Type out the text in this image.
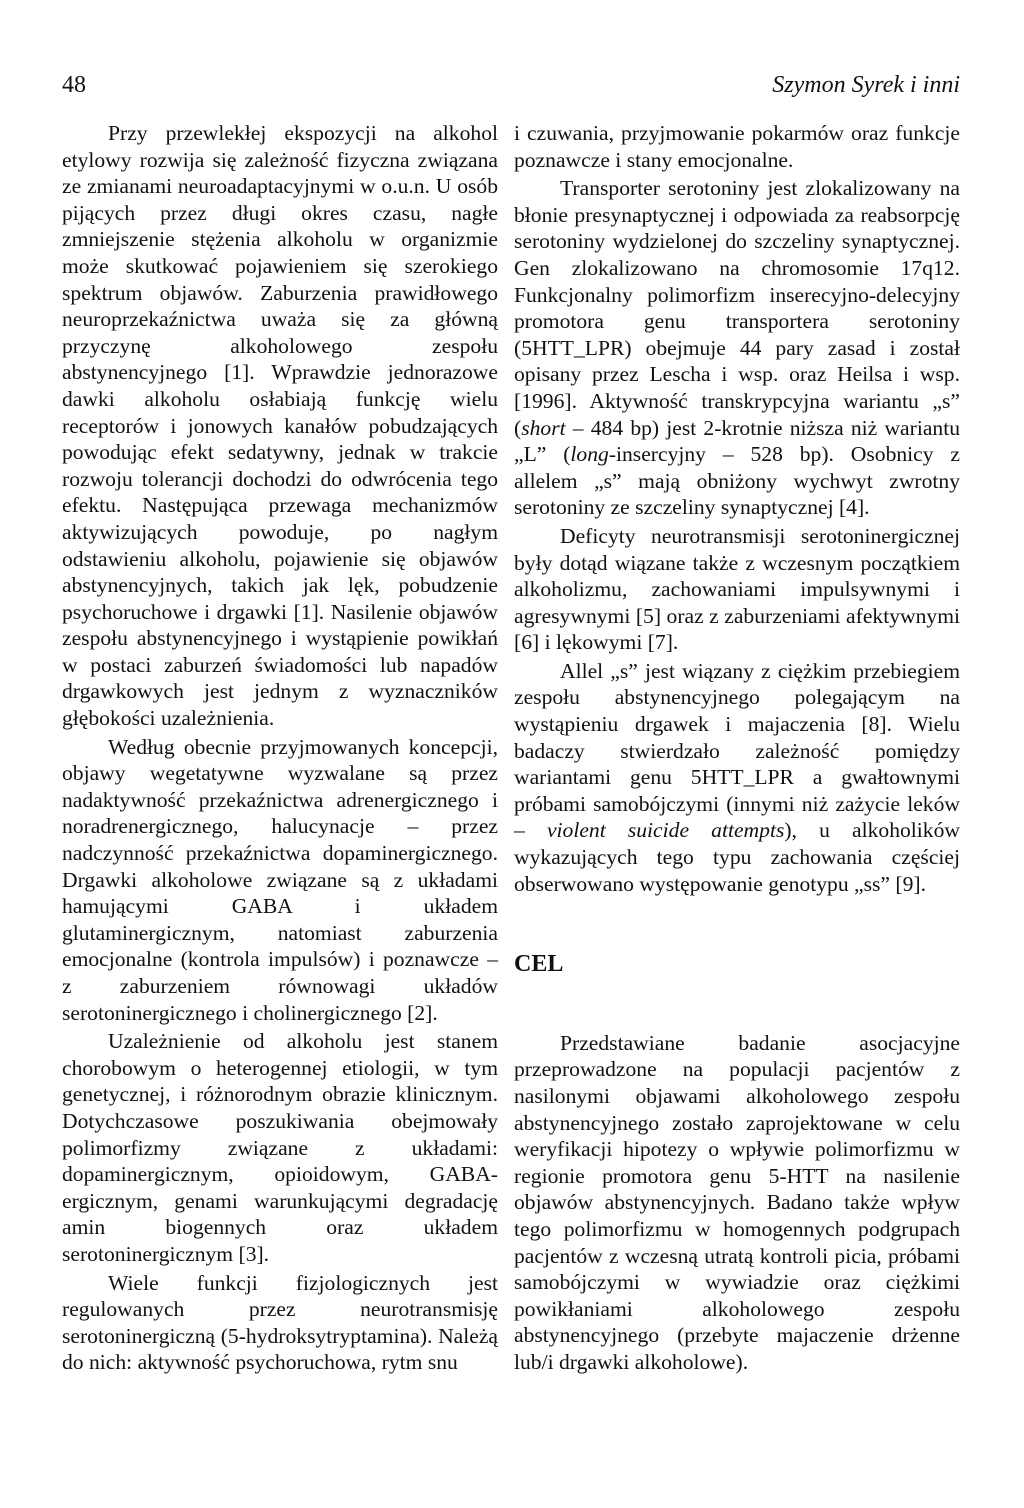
48	Szymon Syrek i inni

Przy przewlekłej ekspozycji na alkohol etylowy rozwija się zależność fizyczna związana ze zmianami neuroadaptacyjnymi w o.u.n. U osób pijących przez długi okres czasu, nagłe zmniejszenie stężenia alkoholu w organizmie może skutkować pojawieniem się szerokiego spektrum objawów. Zaburzenia prawidłowego neuroprzekaźnictwa uważa się za główną przyczynę alkoholowego zespołu abstynencyjnego [1]. Wprawdzie jednorazowe dawki alkoholu osłabiają funkcję wielu receptorów i jonowych kanałów pobudzających powodując efekt sedatywny, jednak w trakcie rozwoju tolerancji dochodzi do odwrócenia tego efektu. Następująca przewaga mechanizmów aktywizujących powoduje, po nagłym odstawieniu alkoholu, pojawienie się objawów abstynencyjnych, takich jak lęk, pobudzenie psychoruchowe i drgawki [1]. Nasilenie objawów zespołu abstynencyjnego i wystąpienie powikłań w postaci zaburzeń świadomości lub napadów drgawkowych jest jednym z wyznaczników głębokości uzależnienia.

Według obecnie przyjmowanych koncepcji, objawy wegetatywne wyzwalane są przez nadaktywność przekaźnictwa adrenergicznego i noradrenergicznego, halucynacje – przez nadczynność przekaźnictwa dopaminergicznego. Drgawki alkoholowe związane są z układami hamującymi GABA i układem glutaminergicznym, natomiast zaburzenia emocjonalne (kontrola impulsów) i poznawcze – z zaburzeniem równowagi układów serotoninergicznego i cholinergicznego [2].

Uzależnienie od alkoholu jest stanem chorobowym o heterogennej etiologii, w tym genetycznej, i różnorodnym obrazie klinicznym. Dotychczasowe poszukiwania obejmowały polimorfizmy związane z układami: dopaminergicznym, opioidowym, GABA-ergicznym, genami warunkującymi degradację amin biogennych oraz układem serotoninergicznym [3].

Wiele funkcji fizjologicznych jest regulowanych przez neurotransmisję serotoninergiczną (5-hydroksytryptamina). Należą do nich: aktywność psychoruchowa, rytm snu

i czuwania, przyjmowanie pokarmów oraz funkcje poznawcze i stany emocjonalne.

Transporter serotoniny jest zlokalizowany na błonie presynaptycznej i odpowiada za reabsorpcję serotoniny wydzielonej do szczeliny synaptycznej. Gen zlokalizowano na chromosomie 17q12. Funkcjonalny polimorfizm inserecyjno-delecyjny promotora genu transportera serotoniny (5HTT_LPR) obejmuje 44 pary zasad i został opisany przez Lescha i wsp. oraz Heilsa i wsp. [1996]. Aktywność transkrypcyjna wariantu „s” (short – 484 bp) jest 2-krotnie niższa niż wariantu „L” (long-insercyjny – 528 bp). Osobnicy z allelem „s” mają obniżony wychwyt zwrotny serotoniny ze szczeliny synaptycznej [4].

Deficyty neurotransmisji serotoninergicznej były dotąd wiązane także z wczesnym początkiem alkoholizmu, zachowaniami impulsywnymi i agresywnymi [5] oraz z zaburzeniami afektywnymi [6] i lękowymi [7].

Allel „s” jest wiązany z ciężkim przebiegiem zespołu abstynencyjnego polegającym na wystąpieniu drgawek i majaczenia [8]. Wielu badaczy stwierdzało zależność pomiędzy wariantami genu 5HTT_LPR a gwałtownymi próbami samobójczymi (innymi niż zażycie leków – violent suicide attempts), u alkoholików wykazujących tego typu zachowania częściej obserwowano występowanie genotypu „ss” [9].

CEL

Przedstawiane badanie asocjacyjne przeprowadzone na populacji pacjentów z nasilonymi objawami alkoholowego zespołu abstynencyjnego zostało zaprojektowane w celu weryfikacji hipotezy o wpływie polimorfizmu w regionie promotora genu 5-HTT na nasilenie objawów abstynencyjnych. Badano także wpływ tego polimorfizmu w homogennych podgrupach pacjentów z wczesną utratą kontroli picia, próbami samobójczymi w wywiadzie oraz ciężkimi powikłaniami alkoholowego zespołu abstynencyjnego (przebyte majaczenie drżenne lub/i drgawki alkoholowe).
